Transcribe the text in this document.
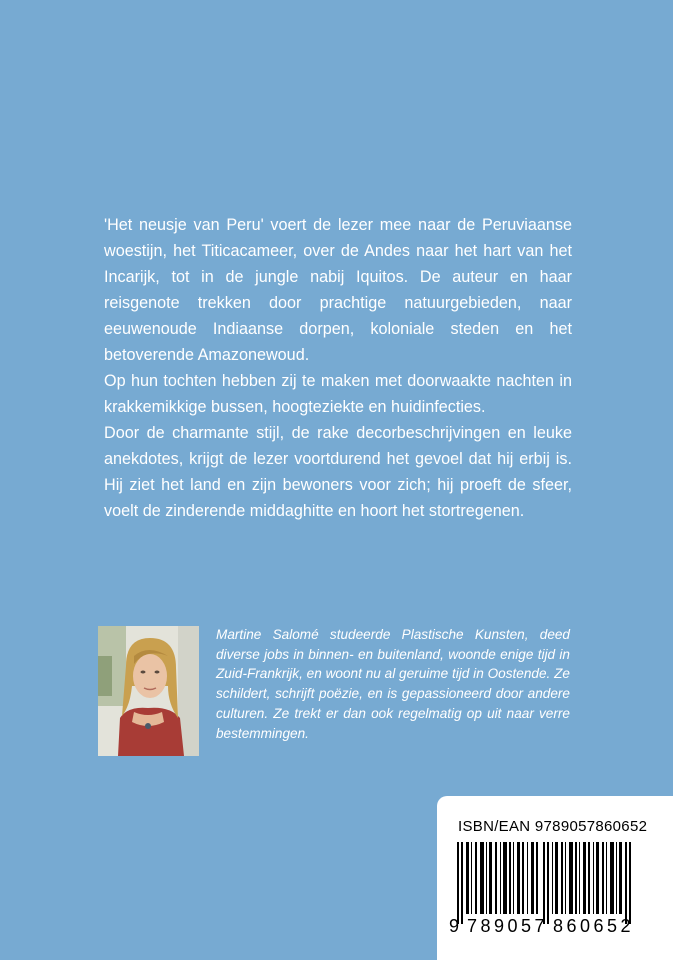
'Het neusje van Peru' voert de lezer mee naar de Peruviaanse woestijn, het Titicacameer, over de Andes naar het hart van het Incarijk, tot in de jungle nabij Iquitos. De auteur en haar reisgenote trekken door prachtige natuurgebieden, naar eeuwenoude Indiaanse dorpen, koloniale steden en het betoverende Amazonewoud.

Op hun tochten hebben zij te maken met doorwaakte nachten in krakkemikkige bussen, hoogteziekte en huidinfecties.

Door de charmante stijl, de rake decorbeschrijvingen en leuke anekdotes, krijgt de lezer voortdurend het gevoel dat hij erbij is. Hij ziet het land en zijn bewoners voor zich; hij proeft de sfeer, voelt de zinderende middaghitte en hoort het stortregenen.

Martine Salomé studeerde Plastische Kunsten, deed diverse jobs in binnen- en buitenland, woonde enige tijd in Zuid-Frankrijk, en woont nu al geruime tijd in Oostende. Ze schildert, schrijft poëzie, en is gepassioneerd door andere culturen. Ze trekt er dan ook regelmatig op uit naar verre bestemmingen.
ISBN/EAN 9789057860652
9 789057 860652
